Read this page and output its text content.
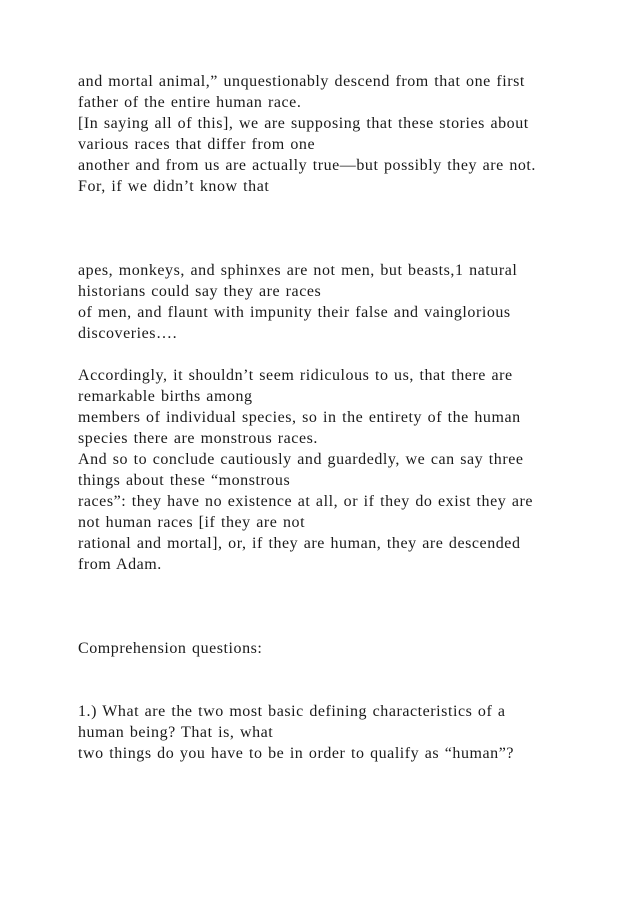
and mortal animal,” unquestionably descend from that one first
father of the entire human race.
[In saying all of this], we are supposing that these stories about
various races that differ from one
another and from us are actually true—but possibly they are not.
For, if we didn’t know that
apes, monkeys, and sphinxes are not men, but beasts,1 natural
historians could say they are races
of men, and flaunt with impunity their false and vainglorious
discoveries….
Accordingly, it shouldn’t seem ridiculous to us, that there are
remarkable births among
members of individual species, so in the entirety of the human
species there are monstrous races.
And so to conclude cautiously and guardedly, we can say three
things about these “monstrous
races”: they have no existence at all, or if they do exist they are
not human races [if they are not
rational and mortal], or, if they are human, they are descended
from Adam.
Comprehension questions:
1.) What are the two most basic defining characteristics of a
human being? That is, what
two things do you have to be in order to qualify as “human”?
